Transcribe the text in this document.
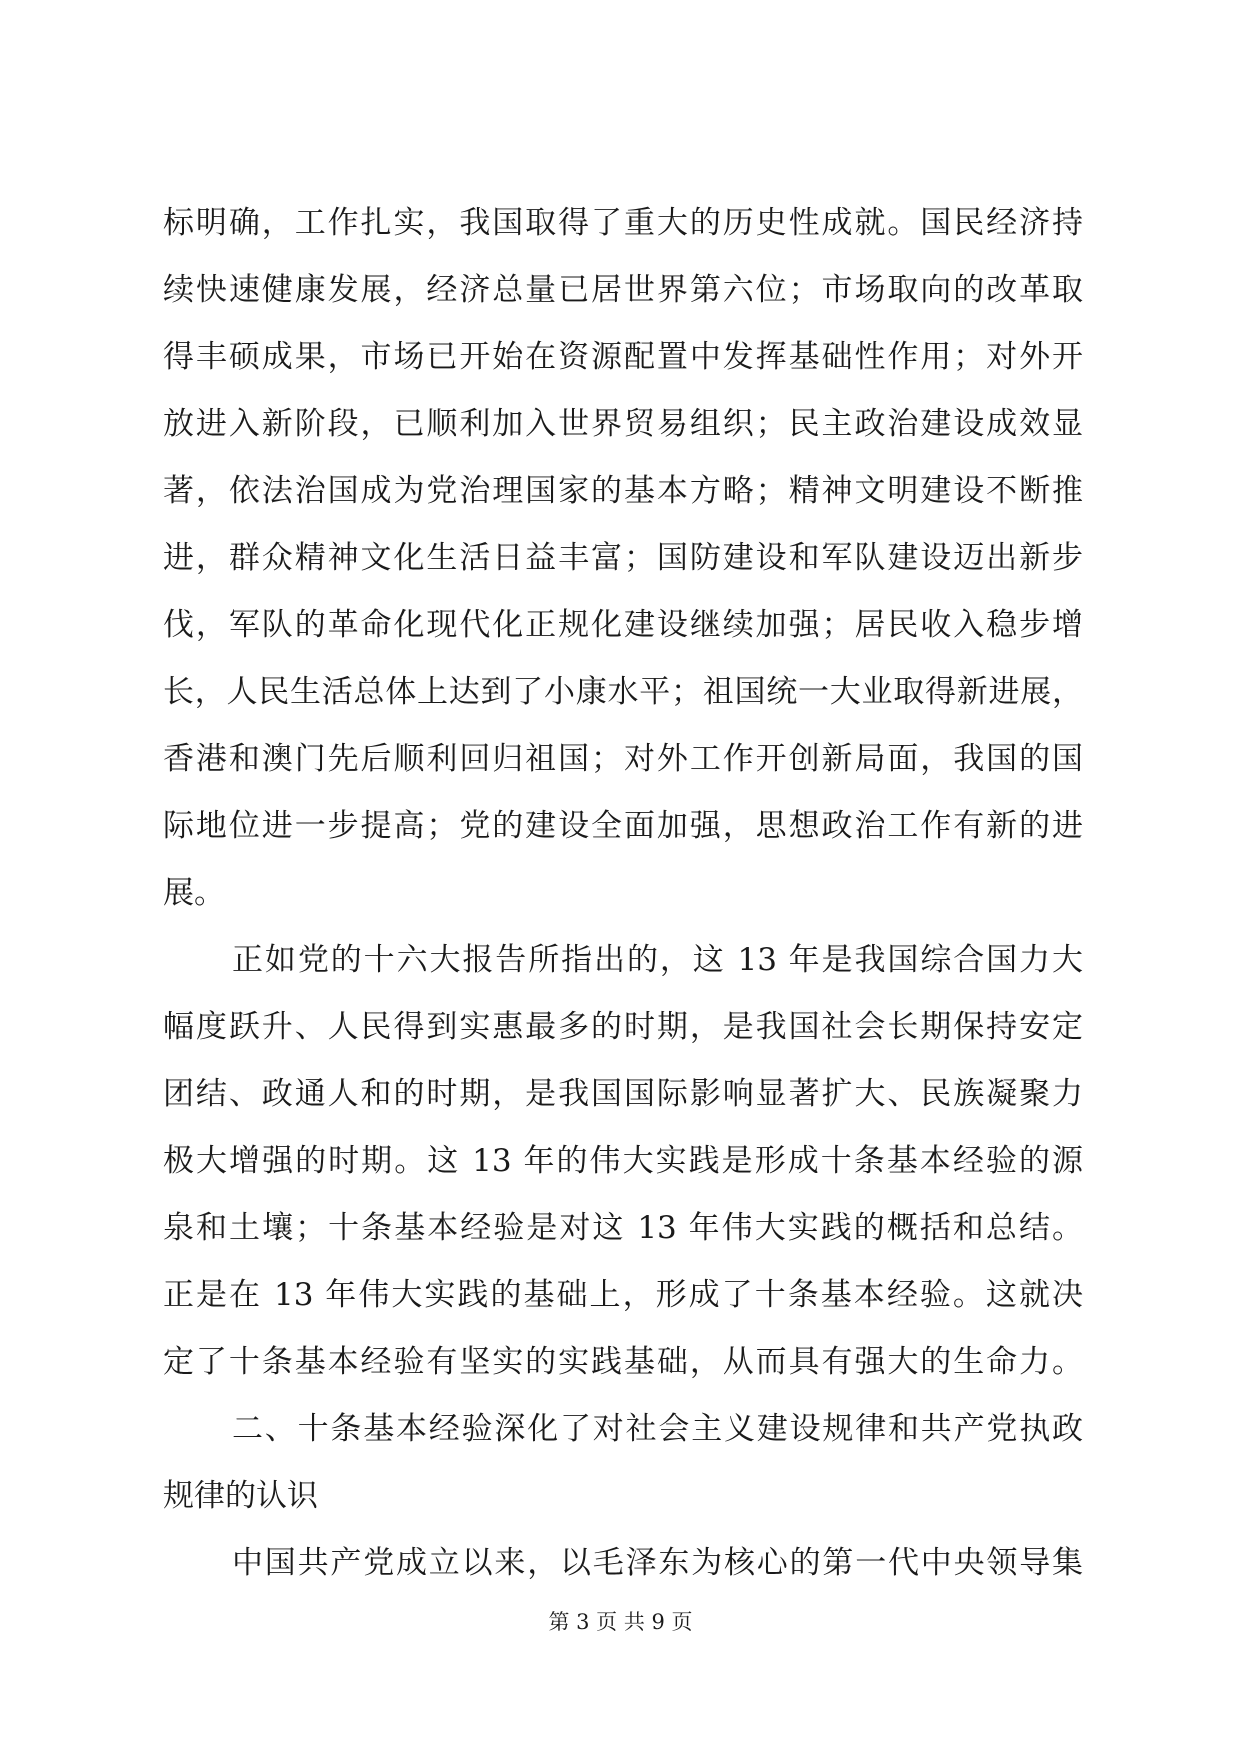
标明确，工作扎实，我国取得了重大的历史性成就。国民经济持
续快速健康发展，经济总量已居世界第六位；市场取向的改革取
得丰硕成果，市场已开始在资源配置中发挥基础性作用；对外开
放进入新阶段，已顺利加入世界贸易组织；民主政治建设成效显
著，依法治国成为党治理国家的基本方略；精神文明建设不断推
进，群众精神文化生活日益丰富；国防建设和军队建设迈出新步
伐，军队的革命化现代化正规化建设继续加强；居民收入稳步增
长，人民生活总体上达到了小康水平；祖国统一大业取得新进展，
香港和澳门先后顺利回归祖国；对外工作开创新局面，我国的国
际地位进一步提高；党的建设全面加强，思想政治工作有新的进
展。
正如党的十六大报告所指出的，这 13 年是我国综合国力大
幅度跃升、人民得到实惠最多的时期，是我国社会长期保持安定
团结、政通人和的时期，是我国国际影响显著扩大、民族凝聚力
极大增强的时期。这 13 年的伟大实践是形成十条基本经验的源
泉和土壤；十条基本经验是对这 13 年伟大实践的概括和总结。
正是在 13 年伟大实践的基础上，形成了十条基本经验。这就决
定了十条基本经验有坚实的实践基础，从而具有强大的生命力。
二、十条基本经验深化了对社会主义建设规律和共产党执政
规律的认识
中国共产党成立以来，以毛泽东为核心的第一代中央领导集
第 3 页 共 9 页
